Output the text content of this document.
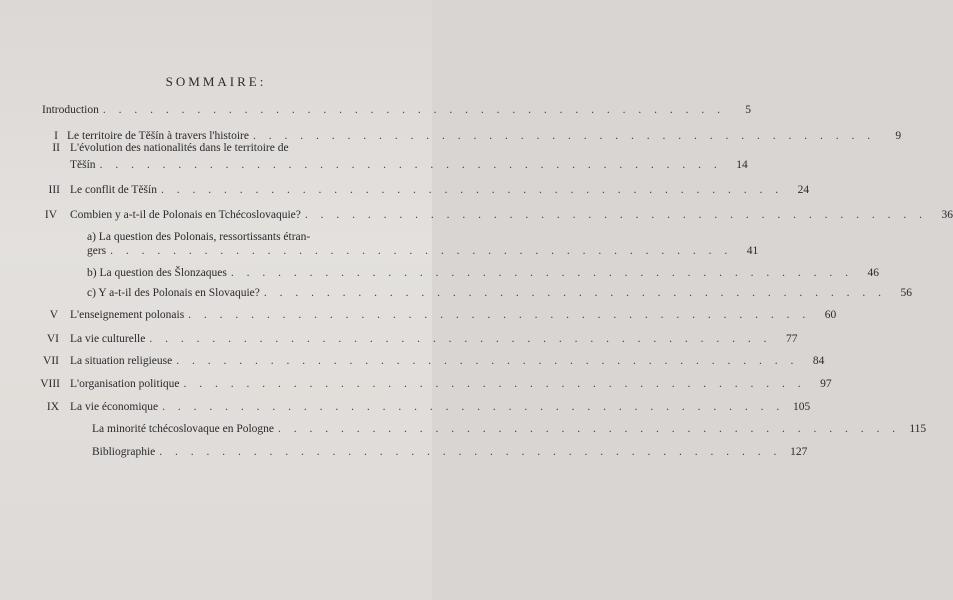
SOMMAIRE:
Introduction . . . . . . . . . . . . . . . . . . . . . . . . . . . . . . . . . . . . . . . .	5
I Le territoire de Těšín à travers l'histoire . . . . . . . . . . . . . . . . . . . . . . . . . . . . . . . . . . . . . . . .	9
II L'évolution des nationalités dans le territoire de
Těšín . . . . . . . . . . . . . . . . . . . . . . . . . . . . . . . . . . . . . . . .	14
III Le conflit de Těšín . . . . . . . . . . . . . . . . . . . . . . . . . . . . . . . . . . . . . . . .	24
IV Combien y a-t-il de Polonais en Tchécoslovaquie? . . . . . . . . . . . . . . . . . . . . . . . . . . . . . . . . . . . . . . . .	36
a) La question des Polonais, ressortissants étran-
gers . . . . . . . . . . . . . . . . . . . . . . . . . . . . . . . . . . . . . . . .	41
b) La question des Šlonzaques . . . . . . . . . . . . . . . . . . . . . . . . . . . . . . . . . . . . . . . .	46
c) Y a-t-il des Polonais en Slovaquie? . . . . . . . . . . . . . . . . . . . . . . . . . . . . . . . . . . . . . . . .	56
V L'enseignement polonais . . . . . . . . . . . . . . . . . . . . . . . . . . . . . . . . . . . . . . . .	60
VI La vie culturelle . . . . . . . . . . . . . . . . . . . . . . . . . . . . . . . . . . . . . . . .	77
VII La situation religieuse . . . . . . . . . . . . . . . . . . . . . . . . . . . . . . . . . . . . . . . .	84
VIII L'organisation politique . . . . . . . . . . . . . . . . . . . . . . . . . . . . . . . . . . . . . . . .	97
IX La vie économique . . . . . . . . . . . . . . . . . . . . . . . . . . . . . . . . . . . . . . . . 105
La minorité tchécoslovaque en Pologne . . . . . . . . . . . . . . . . . . . . . . . . . . . . . . . . . . . . . . . . 115
Bibliographie . . . . . . . . . . . . . . . . . . . . . . . . . . . . . . . . . . . . . . . . 127
